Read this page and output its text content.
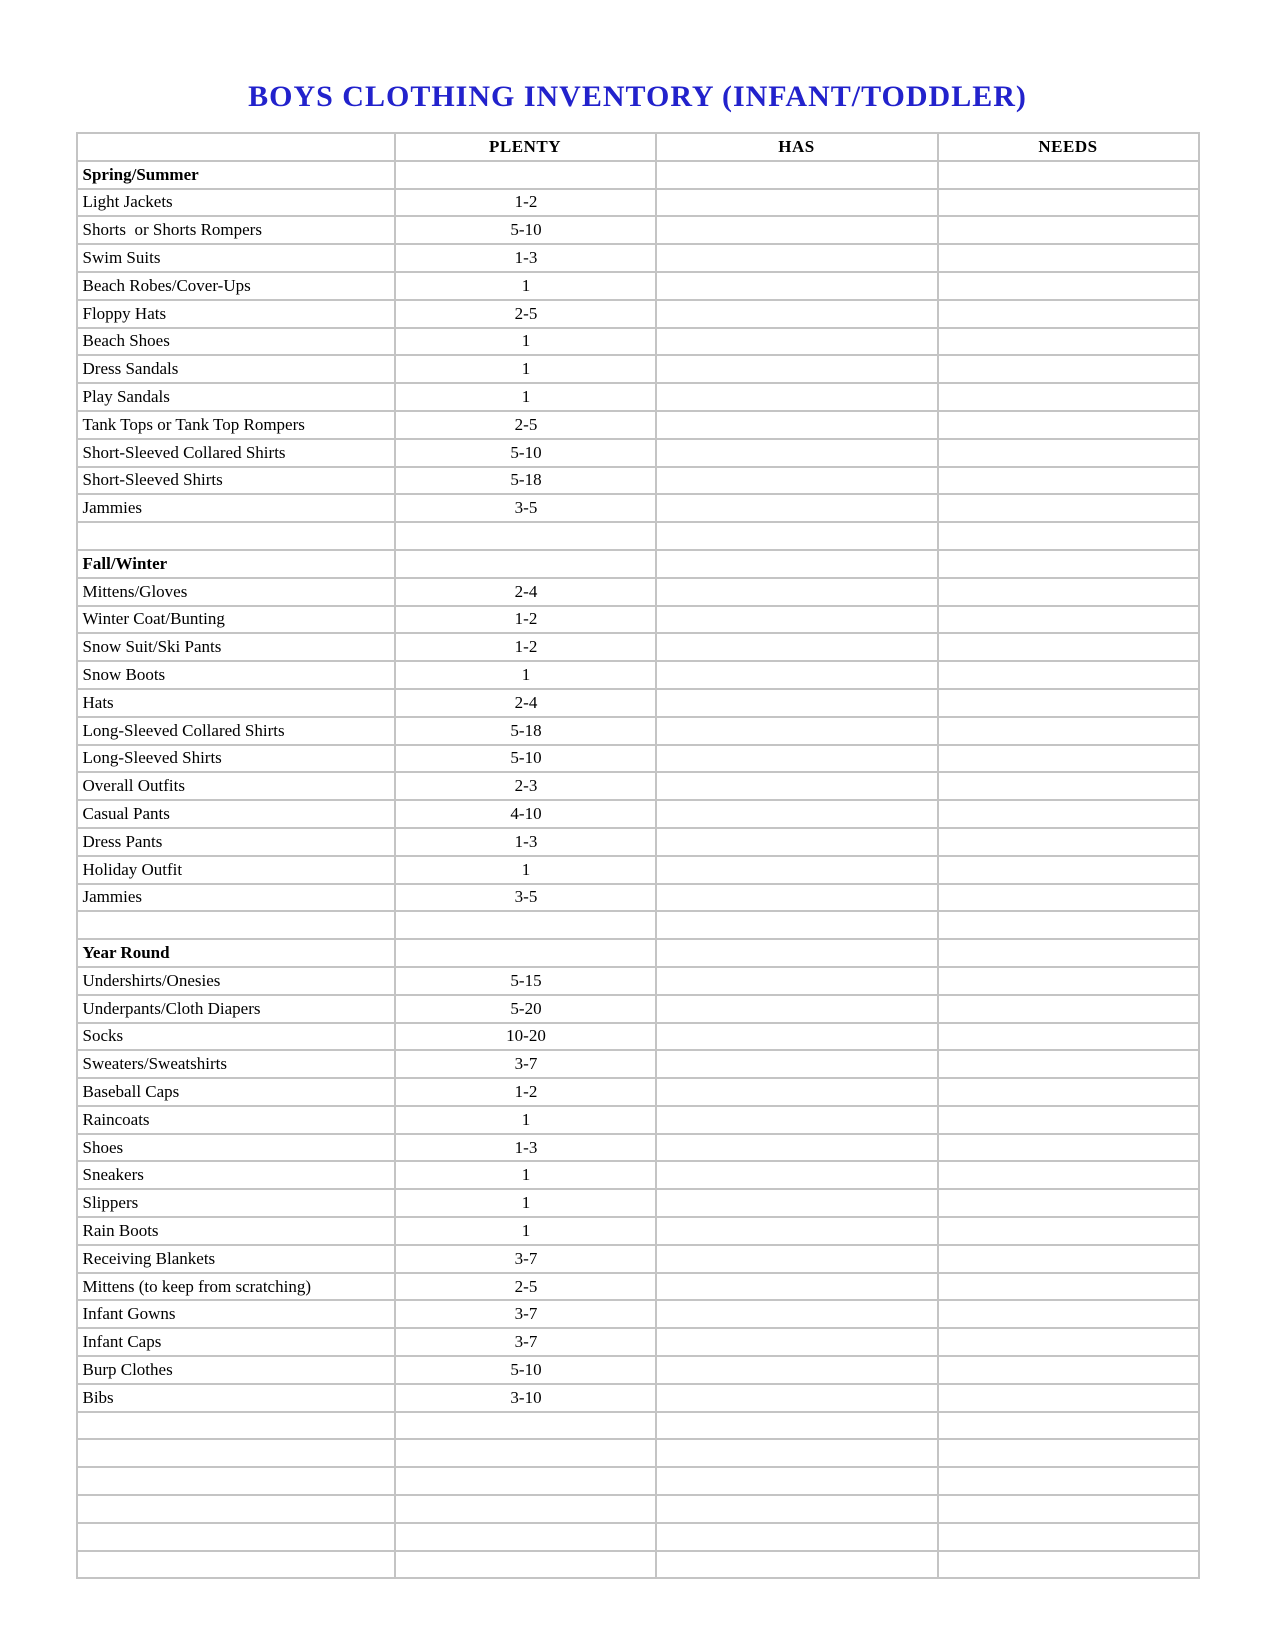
BOYS CLOTHING INVENTORY (INFANT/TODDLER)
	PLENTY	HAS	NEEDS
Spring/Summer			
Light Jackets	1-2		
Shorts  or Shorts Rompers	5-10		
Swim Suits	1-3		
Beach Robes/Cover-Ups	1		
Floppy Hats	2-5		
Beach Shoes	1		
Dress Sandals	1		
Play Sandals	1		
Tank Tops or Tank Top Rompers	2-5		
Short-Sleeved Collared Shirts	5-10		
Short-Sleeved Shirts	5-18		
Jammies	3-5		

Fall/Winter			
Mittens/Gloves	2-4		
Winter Coat/Bunting	1-2		
Snow Suit/Ski Pants	1-2		
Snow Boots	1		
Hats	2-4		
Long-Sleeved Collared Shirts	5-18		
Long-Sleeved Shirts	5-10		
Overall Outfits	2-3		
Casual Pants	4-10		
Dress Pants	1-3		
Holiday Outfit	1		
Jammies	3-5		

Year Round			
Undershirts/Onesies	5-15		
Underpants/Cloth Diapers	5-20		
Socks	10-20		
Sweaters/Sweatshirts	3-7		
Baseball Caps	1-2		
Raincoats	1		
Shoes	1-3		
Sneakers	1		
Slippers	1		
Rain Boots	1		
Receiving Blankets	3-7		
Mittens (to keep from scratching)	2-5		
Infant Gowns	3-7		
Infant Caps	3-7		
Burp Clothes	5-10		
Bibs	3-10		
